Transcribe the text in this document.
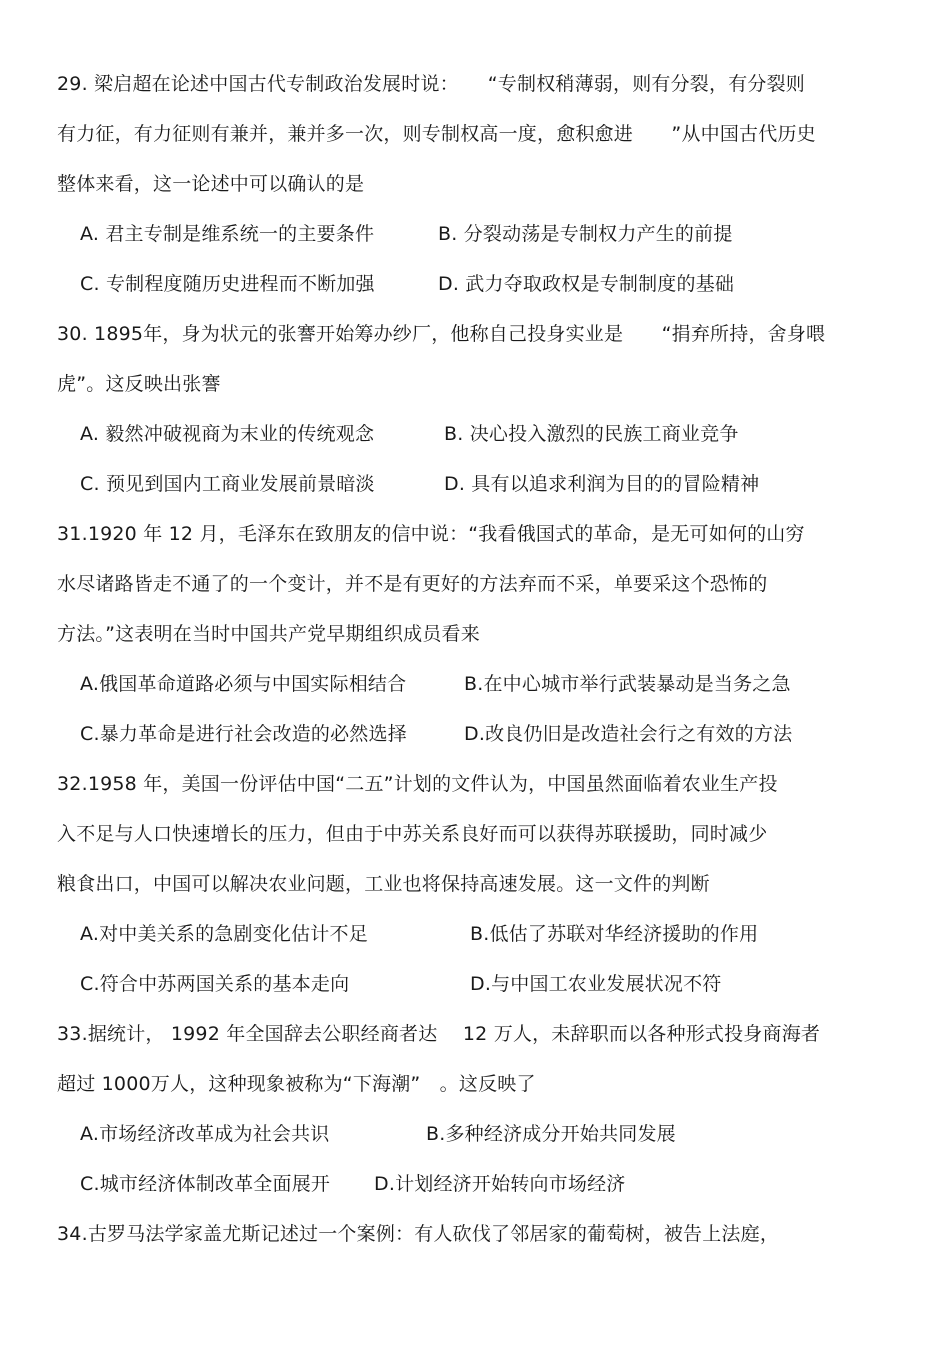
29. 梁启超在论述中国古代专制政治发展时说：　　“专制权稍薄弱，则有分裂，有分裂则
有力征，有力征则有兼并，兼并多一次，则专制权高一度，愈积愈进　　”从中国古代历史
整体来看，这一论述中可以确认的是
A. 君主专制是维系统一的主要条件	B. 分裂动荡是专制权力产生的前提
C. 专制程度随历史进程而不断加强	D. 武力夺取政权是专制制度的基础
30. 1895年，身为状元的张謇开始筹办纱厂，他称自己投身实业是　　“捐弃所持，舍身喂
虎”。这反映出张謇
A. 毅然冲破视商为末业的传统观念	B. 决心投入激烈的民族工商业竞争
C. 预见到国内工商业发展前景暗淡	D. 具有以追求利润为目的的冒险精神
31.1920 年 12 月，毛泽东在致朋友的信中说：“我看俄国式的革命，是无可如何的山穷
水尽诸路皆走不通了的一个变计，并不是有更好的方法弃而不采，单要采这个恐怖的
方法。”这表明在当时中国共产党早期组织成员看来
A.俄国革命道路必须与中国实际相结合	B.在中心城市举行武装暴动是当务之急
C.暴力革命是进行社会改造的必然选择	D.改良仍旧是改造社会行之有效的方法
32.1958 年，美国一份评估中国“二五”计划的文件认为，中国虽然面临着农业生产投
入不足与人口快速增长的压力，但由于中苏关系良好而可以获得苏联援助，同时减少
粮食出口，中国可以解决农业问题，工业也将保持高速发展。这一文件的判断
A.对中美关系的急剧变化估计不足	B.低估了苏联对华经济援助的作用
C.符合中苏两国关系的基本走向	D.与中国工农业发展状况不符
33.据统计， 1992 年全国辞去公职经商者达　 12 万人，未辞职而以各种形式投身商海者
超过 1000万人，这种现象被称为“下海潮”　。这反映了
A.市场经济改革成为社会共识	B.多种经济成分开始共同发展
C.城市经济体制改革全面展开 D.计划经济开始转向市场经济
34.古罗马法学家盖尤斯记述过一个案例：有人砍伐了邻居家的葡萄树，被告上法庭，
